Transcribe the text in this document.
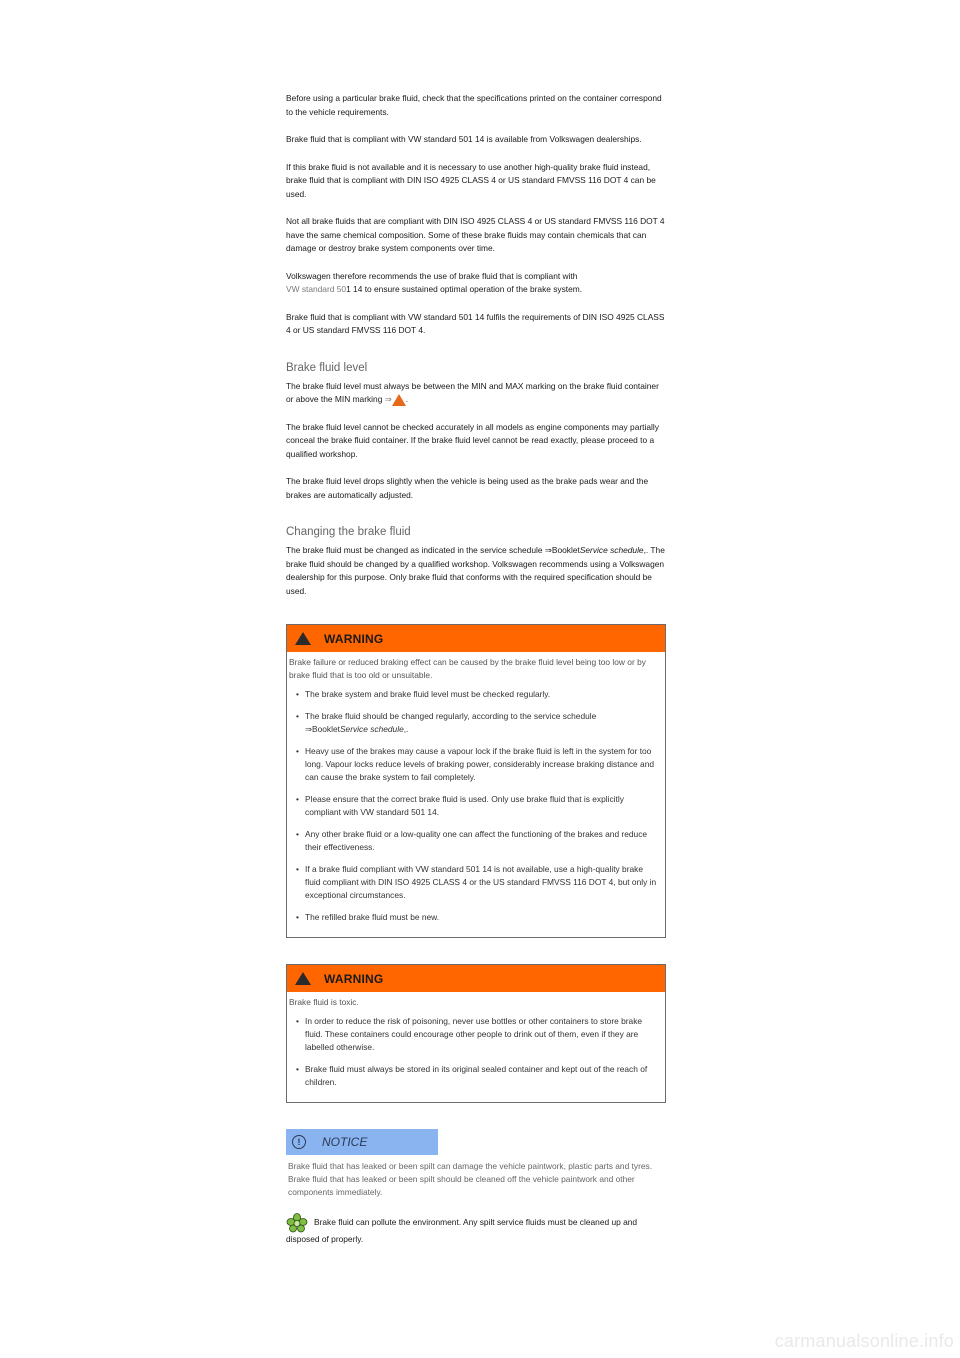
Before using a particular brake fluid, check that the specifications printed on the container correspond to the vehicle requirements.

Brake fluid that is compliant with VW standard 501 14 is available from Volkswagen dealerships.

If this brake fluid is not available and it is necessary to use another high-quality brake fluid instead, brake fluid that is compliant with DIN ISO 4925 CLASS 4 or US standard FMVSS 116 DOT 4 can be used.

Not all brake fluids that are compliant with DIN ISO 4925 CLASS 4 or US standard FMVSS 116 DOT 4 have the same chemical composition. Some of these brake fluids may contain chemicals that can damage or destroy brake system components over time.

Volkswagen therefore recommends the use of brake fluid that is compliant with
VW standard 501 14 to ensure sustained optimal operation of the brake system.

Brake fluid that is compliant with VW standard 501 14 fulfils the requirements of DIN ISO 4925 CLASS 4 or US standard FMVSS 116 DOT 4.

Brake fluid level

The brake fluid level must always be between the MIN and MAX marking on the brake fluid container or above the MIN marking ⇒ .

The brake fluid level cannot be checked accurately in all models as engine components may partially conceal the brake fluid container. If the brake fluid level cannot be read exactly, please proceed to a qualified workshop.

The brake fluid level drops slightly when the vehicle is being used as the brake pads wear and the brakes are automatically adjusted.

Changing the brake fluid

The brake fluid must be changed as indicated in the service schedule ⇒BookletService schedule,. The brake fluid should be changed by a qualified workshop. Volkswagen recommends using a Volkswagen dealership for this purpose. Only brake fluid that conforms with the required specification should be used.

WARNING

Brake failure or reduced braking effect can be caused by the brake fluid level being too low or by brake fluid that is too old or unsuitable.

• The brake system and brake fluid level must be checked regularly.
• The brake fluid should be changed regularly, according to the service schedule ⇒BookletService schedule,.
• Heavy use of the brakes may cause a vapour lock if the brake fluid is left in the system for too long. Vapour locks reduce levels of braking power, considerably increase braking distance and can cause the brake system to fail completely.
• Please ensure that the correct brake fluid is used. Only use brake fluid that is explicitly compliant with VW standard 501 14.
• Any other brake fluid or a low-quality one can affect the functioning of the brakes and reduce their effectiveness.
• If a brake fluid compliant with VW standard 501 14 is not available, use a high-quality brake fluid compliant with DIN ISO 4925 CLASS 4 or the US standard FMVSS 116 DOT 4, but only in exceptional circumstances.
• The refilled brake fluid must be new.
WARNING

Brake fluid is toxic.

• In order to reduce the risk of poisoning, never use bottles or other containers to store brake fluid. These containers could encourage other people to drink out of them, even if they are labelled otherwise.
• Brake fluid must always be stored in its original sealed container and kept out of the reach of children.
!	NOTICE

Brake fluid that has leaked or been spilt can damage the vehicle paintwork, plastic parts and tyres. Brake fluid that has leaked or been spilt should be cleaned off the vehicle paintwork and other components immediately.

Brake fluid can pollute the environment. Any spilt service fluids must be cleaned up and disposed of properly.
carmanualsonline.info
